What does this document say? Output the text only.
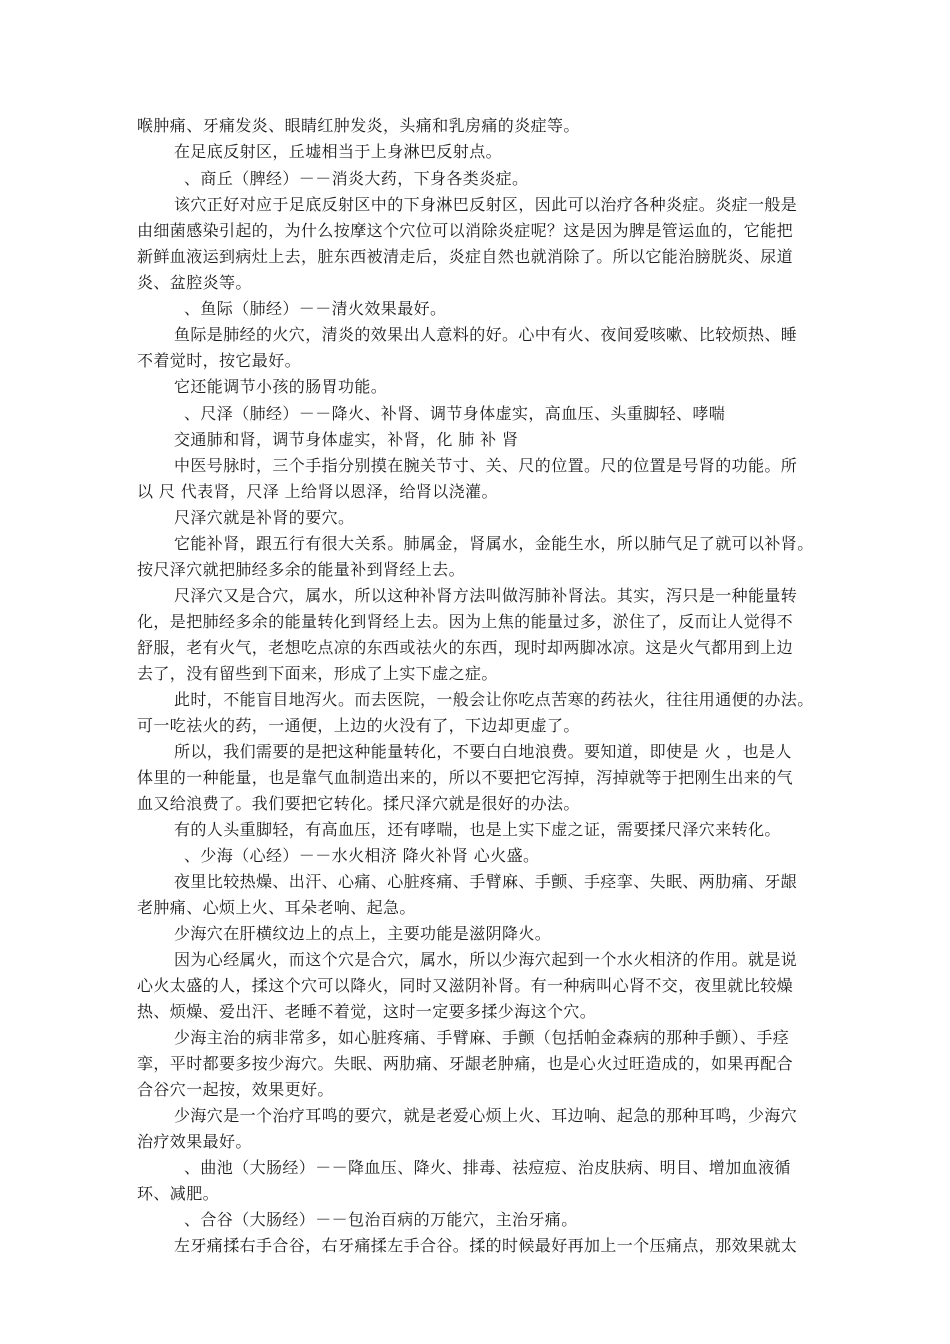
喉肿痛、牙痛发炎、眼睛红肿发炎，头痛和乳房痛的炎症等。
在足底反射区，丘墟相当于上身淋巴反射点。
、商丘（脾经）－－消炎大药，下身各类炎症。
该穴正好对应于足底反射区中的下身淋巴反射区，因此可以治疗各种炎症。炎症一般是
由细菌感染引起的，为什么按摩这个穴位可以消除炎症呢？这是因为脾是管运血的，它能把
新鲜血液运到病灶上去，脏东西被清走后，炎症自然也就消除了。所以它能治膀胱炎、尿道
炎、盆腔炎等。
、鱼际（肺经）－－清火效果最好。
鱼际是肺经的火穴，清炎的效果出人意料的好。心中有火、夜间爱咳嗽、比较烦热、睡
不着觉时，按它最好。
它还能调节小孩的肠胃功能。
、尺泽（肺经）－－降火、补肾、调节身体虚实，高血压、头重脚轻、哮喘
交通肺和肾，调节身体虚实，补肾，化 肺 补 肾
中医号脉时，三个手指分别摸在腕关节寸、关、尺的位置。尺的位置是号肾的功能。所
以 尺 代表肾，尺泽 上给肾以恩泽，给肾以浇灌。
尺泽穴就是补肾的要穴。
它能补肾，跟五行有很大关系。肺属金，肾属水，金能生水，所以肺气足了就可以补肾。
按尺泽穴就把肺经多余的能量补到肾经上去。
尺泽穴又是合穴，属水，所以这种补肾方法叫做泻肺补肾法。其实，泻只是一种能量转
化，是把肺经多余的能量转化到肾经上去。因为上焦的能量过多，淤住了，反而让人觉得不
舒服，老有火气，老想吃点凉的东西或祛火的东西，现时却两脚冰凉。这是火气都用到上边
去了，没有留些到下面来，形成了上实下虚之症。
此时，不能盲目地泻火。而去医院，一般会让你吃点苦寒的药祛火，往往用通便的办法。
可一吃祛火的药，一通便，上边的火没有了，下边却更虚了。
所以，我们需要的是把这种能量转化，不要白白地浪费。要知道，即使是 火 ，也是人
体里的一种能量，也是靠气血制造出来的，所以不要把它泻掉，泻掉就等于把刚生出来的气
血又给浪费了。我们要把它转化。揉尺泽穴就是很好的办法。
有的人头重脚轻，有高血压，还有哮喘，也是上实下虚之证，需要揉尺泽穴来转化。
、少海（心经）－－水火相济 降火补肾 心火盛。
夜里比较热燥、出汗、心痛、心脏疼痛、手臂麻、手颤、手痉挛、失眠、两肋痛、牙龈
老肿痛、心烦上火、耳朵老响、起急。
少海穴在肝横纹边上的点上，主要功能是滋阴降火。
因为心经属火，而这个穴是合穴，属水，所以少海穴起到一个水火相济的作用。就是说
心火太盛的人，揉这个穴可以降火，同时又滋阴补肾。有一种病叫心肾不交，夜里就比较燥
热、烦燥、爱出汗、老睡不着觉，这时一定要多揉少海这个穴。
少海主治的病非常多，如心脏疼痛、手臂麻、手颤（包括帕金森病的那种手颤）、手痉
挛，平时都要多按少海穴。失眠、两肋痛、牙龈老肿痛，也是心火过旺造成的，如果再配合
合谷穴一起按，效果更好。
少海穴是一个治疗耳鸣的要穴，就是老爱心烦上火、耳边响、起急的那种耳鸣，少海穴
治疗效果最好。
、曲池（大肠经）－－降血压、降火、排毒、祛痘痘、治皮肤病、明目、增加血液循
环、减肥。
、合谷（大肠经）－－包治百病的万能穴，主治牙痛。
左牙痛揉右手合谷，右牙痛揉左手合谷。揉的时候最好再加上一个压痛点，那效果就太
